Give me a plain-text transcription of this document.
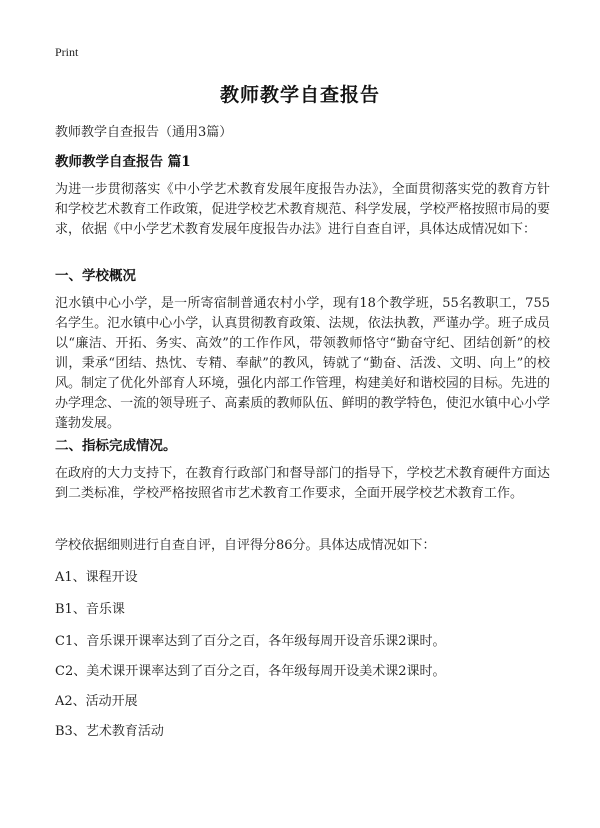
Print
教师教学自查报告
教师教学自查报告（通用3篇）
教师教学自查报告 篇1
为进一步贯彻落实《中小学艺术教育发展年度报告办法》，全面贯彻落实党的教育方针和学校艺术教育工作政策，促进学校艺术教育规范、科学发展，学校严格按照市局的要求，依据《中小学艺术教育发展年度报告办法》进行自查自评，具体达成情况如下：
一、学校概况
氾水镇中心小学，是一所寄宿制普通农村小学，现有18个教学班，55名教职工，755名学生。氾水镇中心小学，认真贯彻教育政策、法规，依法执教，严谨办学。班子成员以“廉洁、开拓、务实、高效”的工作作风，带领教师恪守“勤奋守纪、团结创新”的校训，秉承“团结、热忱、专精、奉献”的教风，铸就了“勤奋、活泼、文明、向上”的校风。制定了优化外部育人环境，强化内部工作管理，构建美好和谐校园的目标。先进的办学理念、一流的领导班子、高素质的教师队伍、鲜明的教学特色，使氾水镇中心小学蓬勃发展。
二、指标完成情况。
在政府的大力支持下，在教育行政部门和督导部门的指导下，学校艺术教育硬件方面达到二类标准，学校严格按照省市艺术教育工作要求，全面开展学校艺术教育工作。
学校依据细则进行自查自评，自评得分86分。具体达成情况如下：
A1、课程开设
B1、音乐课
C1、音乐课开课率达到了百分之百，各年级每周开设音乐课2课时。
C2、美术课开课率达到了百分之百，各年级每周开设美术课2课时。
A2、活动开展
B3、艺术教育活动
